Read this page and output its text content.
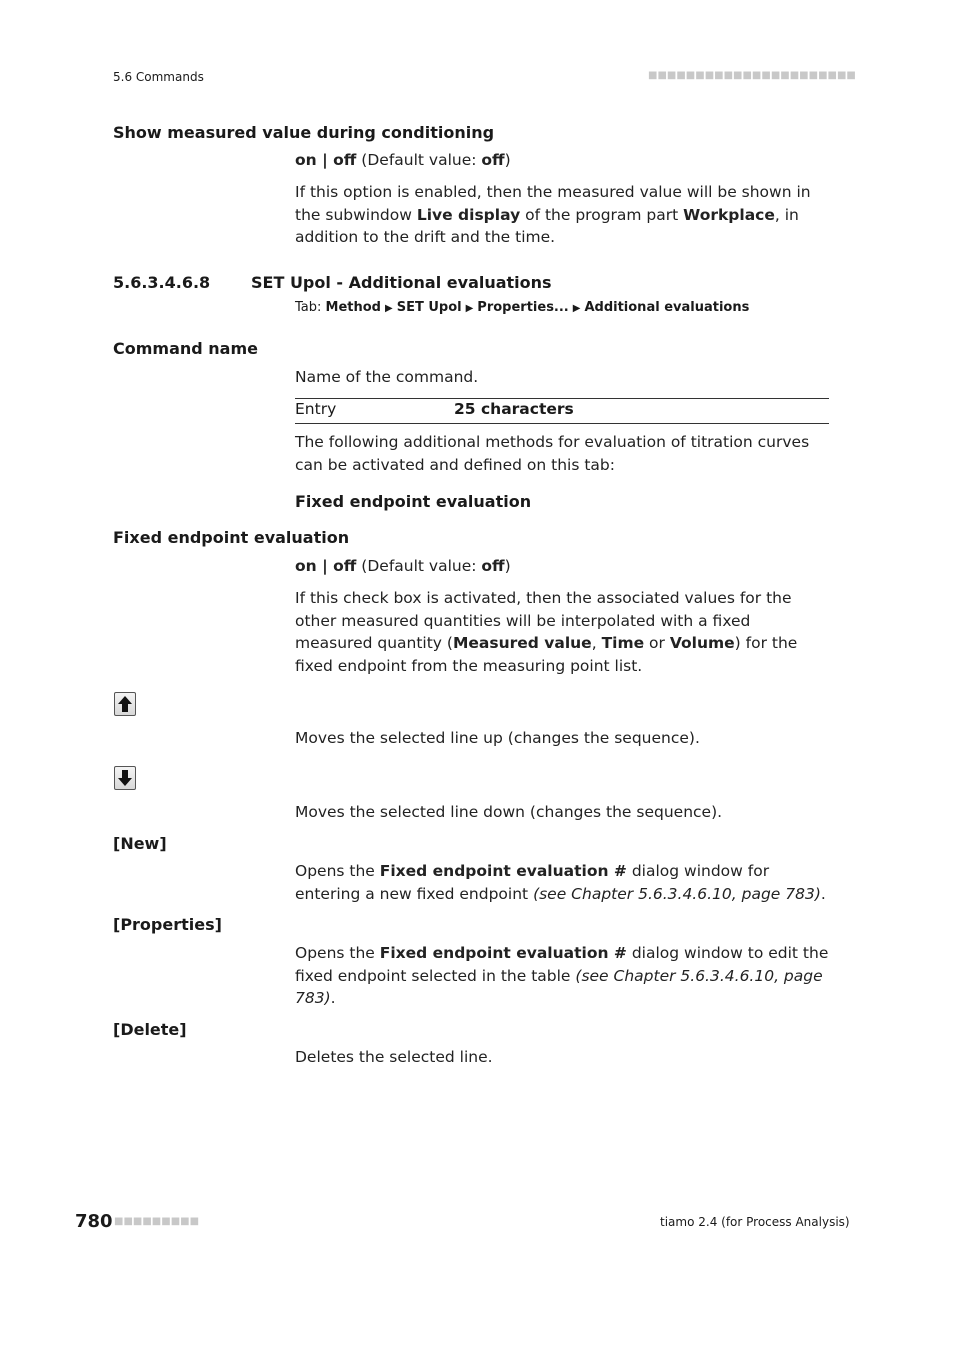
5.6 Commands	■■■■■■■■■■■■■■■■■■■■■■
Show measured value during conditioning
on | off (Default value: off)
If this option is enabled, then the measured value will be shown in the subwindow Live display of the program part Workplace, in addition to the drift and the time.
5.6.3.4.6.8	SET Upol - Additional evaluations
Tab: Method ▶ SET Upol ▶ Properties... ▶ Additional evaluations
Command name
Name of the command.
Entry	25 characters
The following additional methods for evaluation of titration curves can be activated and defined on this tab:
Fixed endpoint evaluation
Fixed endpoint evaluation
on | off (Default value: off)
If this check box is activated, then the associated values for the other measured quantities will be interpolated with a fixed measured quantity (Measured value, Time or Volume) for the fixed endpoint from the measuring point list.
Moves the selected line up (changes the sequence).
Moves the selected line down (changes the sequence).
[New]
Opens the Fixed endpoint evaluation # dialog window for entering a new fixed endpoint (see Chapter 5.6.3.4.6.10, page 783).
[Properties]
Opens the Fixed endpoint evaluation # dialog window to edit the fixed endpoint selected in the table (see Chapter 5.6.3.4.6.10, page 783).
[Delete]
Deletes the selected line.
780 ■■■■■■■■■	tiamo 2.4 (for Process Analysis)
